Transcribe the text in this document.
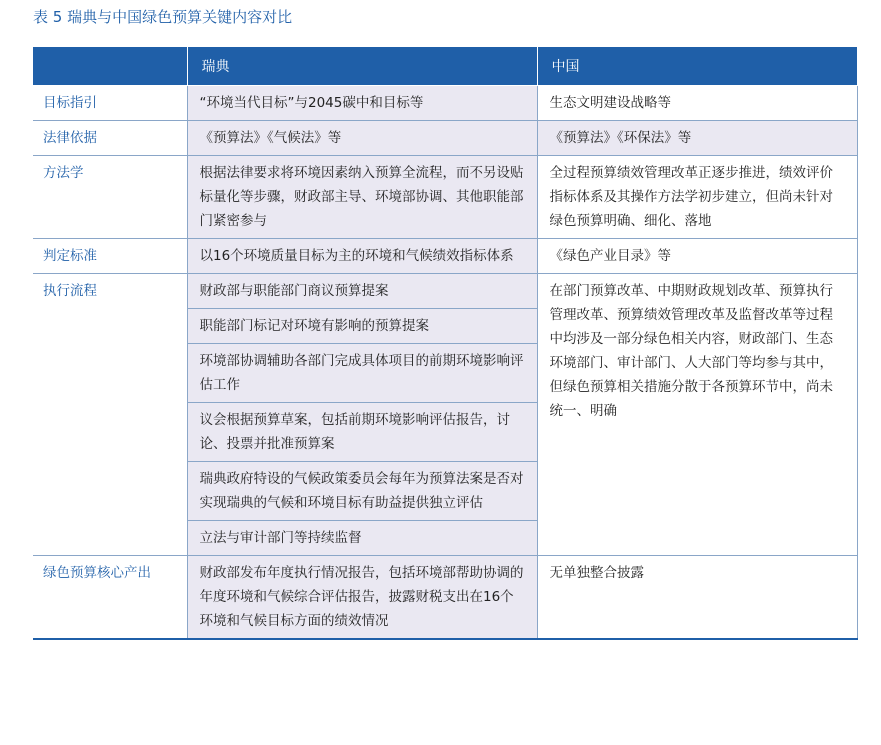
表 5 瑞典与中国绿色预算关键内容对比
	瑞典	中国
目标指引	“环境当代目标”与2045碳中和目标等	生态文明建设战略等
法律依据	《预算法》《气候法》等	《预算法》《环保法》等
方法学	根据法律要求将环境因素纳入预算全流程，而不另设贴标量化等步骤，财政部主导、环境部协调、其他职能部门紧密参与	全过程预算绩效管理改革正逐步推进，绩效评价指标体系及其操作方法学初步建立，但尚未针对绿色预算明确、细化、落地
判定标准	以16个环境质量目标为主的环境和气候绩效指标体系	《绿色产业目录》等
执行流程	财政部与职能部门商议预算提案	在部门预算改革、中期财政规划改革、预算执行管理改革、预算绩效管理改革及监督改革等过程中均涉及一部分绿色相关内容，财政部门、生态环境部门、审计部门、人大部门等均参与其中，但绿色预算相关措施分散于各预算环节中，尚未统一、明确
	职能部门标记对环境有影响的预算提案	
	环境部协调辅助各部门完成具体项目的前期环境影响评估工作	
	议会根据预算草案，包括前期环境影响评估报告，讨论、投票并批准预算案	
	瑞典政府特设的气候政策委员会每年为预算法案是否对实现瑞典的气候和环境目标有助益提供独立评估	
	立法与审计部门等持续监督	
绿色预算核心产出	财政部发布年度执行情况报告，包括环境部帮助协调的年度环境和气候综合评估报告，披露财税支出在16个环境和气候目标方面的绩效情况	无单独整合披露
